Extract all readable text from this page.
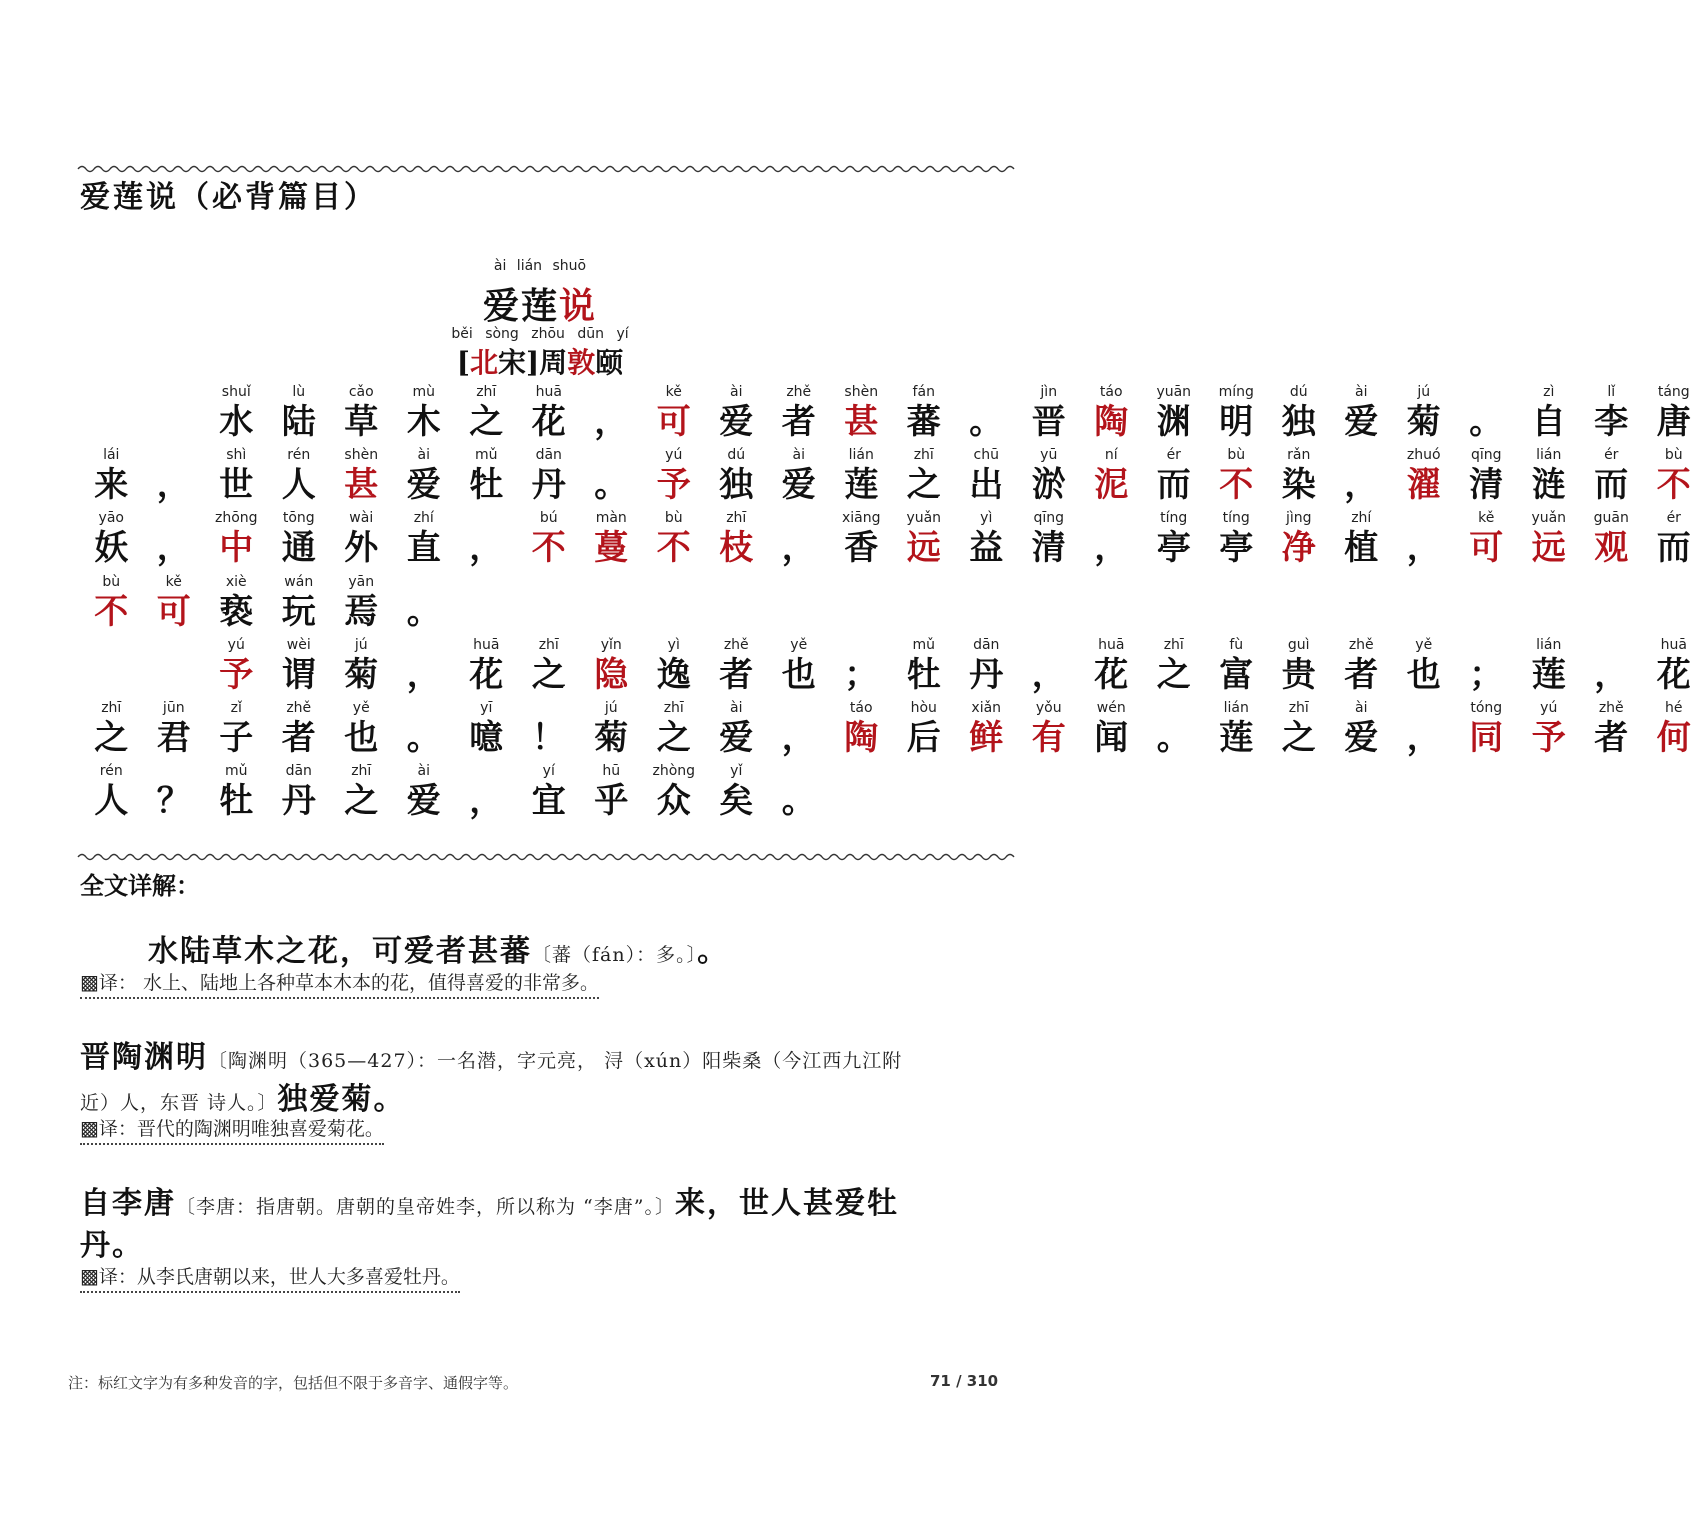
爱莲说（必背篇目）
ài lián shuō
爱莲说
běi sòng zhōu dūn yí
[北宋]周敦颐
shuǐ	lù	cǎo	mù	zhī	huā	kě	ài	zhě shèn fán	jìn	táo yuān míng	dú	ài	jú	zì	lǐ	táng
水 陆 草 木 之 花 ， 可 爱 者 甚 蕃 。 晋 陶 渊 明 独 爱 菊 。 自 李 唐
lái	shì	rén shèn	ài	mǔ	dān	yú	dú	ài	lián	zhī	chū	yū	ní	ér	bù	rǎn	zhuó qīng lián	ér	bù
来 ， 世 人 甚 爱 牡 丹 。 予 独 爱 莲 之 出 淤 泥 而 不 染 ， 濯 清 涟 而 不
yāo	zhōng tōng wài	zhí	bú	màn	bù	zhī	xiāng yuǎn	yì	qīng	tíng	tíng	jìng	zhí	kě	yuǎn guān	ér
妖 ， 中 通 外 直 ， 不 蔓 不 枝 ， 香 远 益 清 ， 亭 亭 净 植 ， 可 远 观 而
bù	kě	xiè	wán	yān
不 可 亵 玩 焉 。
yú	wèi	jú	huā	zhī	yǐn	yì	zhě	yě	mǔ	dān	huā	zhī	fù	guì	zhě	yě	lián	huā
予 谓 菊 ， 花 之 隐 逸 者 也 ； 牡 丹 ， 花 之 富 贵 者 也 ； 莲 ， 花
zhī	jūn	zǐ	zhě	yě	yī	jú	zhī	ài	táo	hòu xiǎn yǒu	wén	lián	zhī	ài	tóng	yú	zhě	hé
之 君 子 者 也 。 噫 ！ 菊 之 爱 ， 陶 后 鲜 有 闻 。 莲 之 爱 ， 同 予 者 何
rén	mǔ	dān	zhī	ài	yí	hū zhòng	yǐ
人 ？ 牡 丹 之 爱 ， 宜 乎 众 矣 。
全文详解：
水陆草木之花，可爱者甚蕃〔蕃（fán）：多。〕。
▩译： 水上、陆地上各种草本木本的花，值得喜爱的非常多。
晋陶渊明〔陶渊明（365—427）：一名潜，字元亮， 浔（xún）阳柴桑（今江西九江附
近）人，东晋 诗人。〕独爱菊。
▩译：晋代的陶渊明唯独喜爱菊花。
自李唐〔李唐：指唐朝。唐朝的皇帝姓李，所以称为 “李唐”。〕来，世人甚爱牡
丹。
▩译：从李氏唐朝以来，世人大多喜爱牡丹。
注：标红文字为有多种发音的字，包括但不限于多音字、通假字等。	71 / 310
